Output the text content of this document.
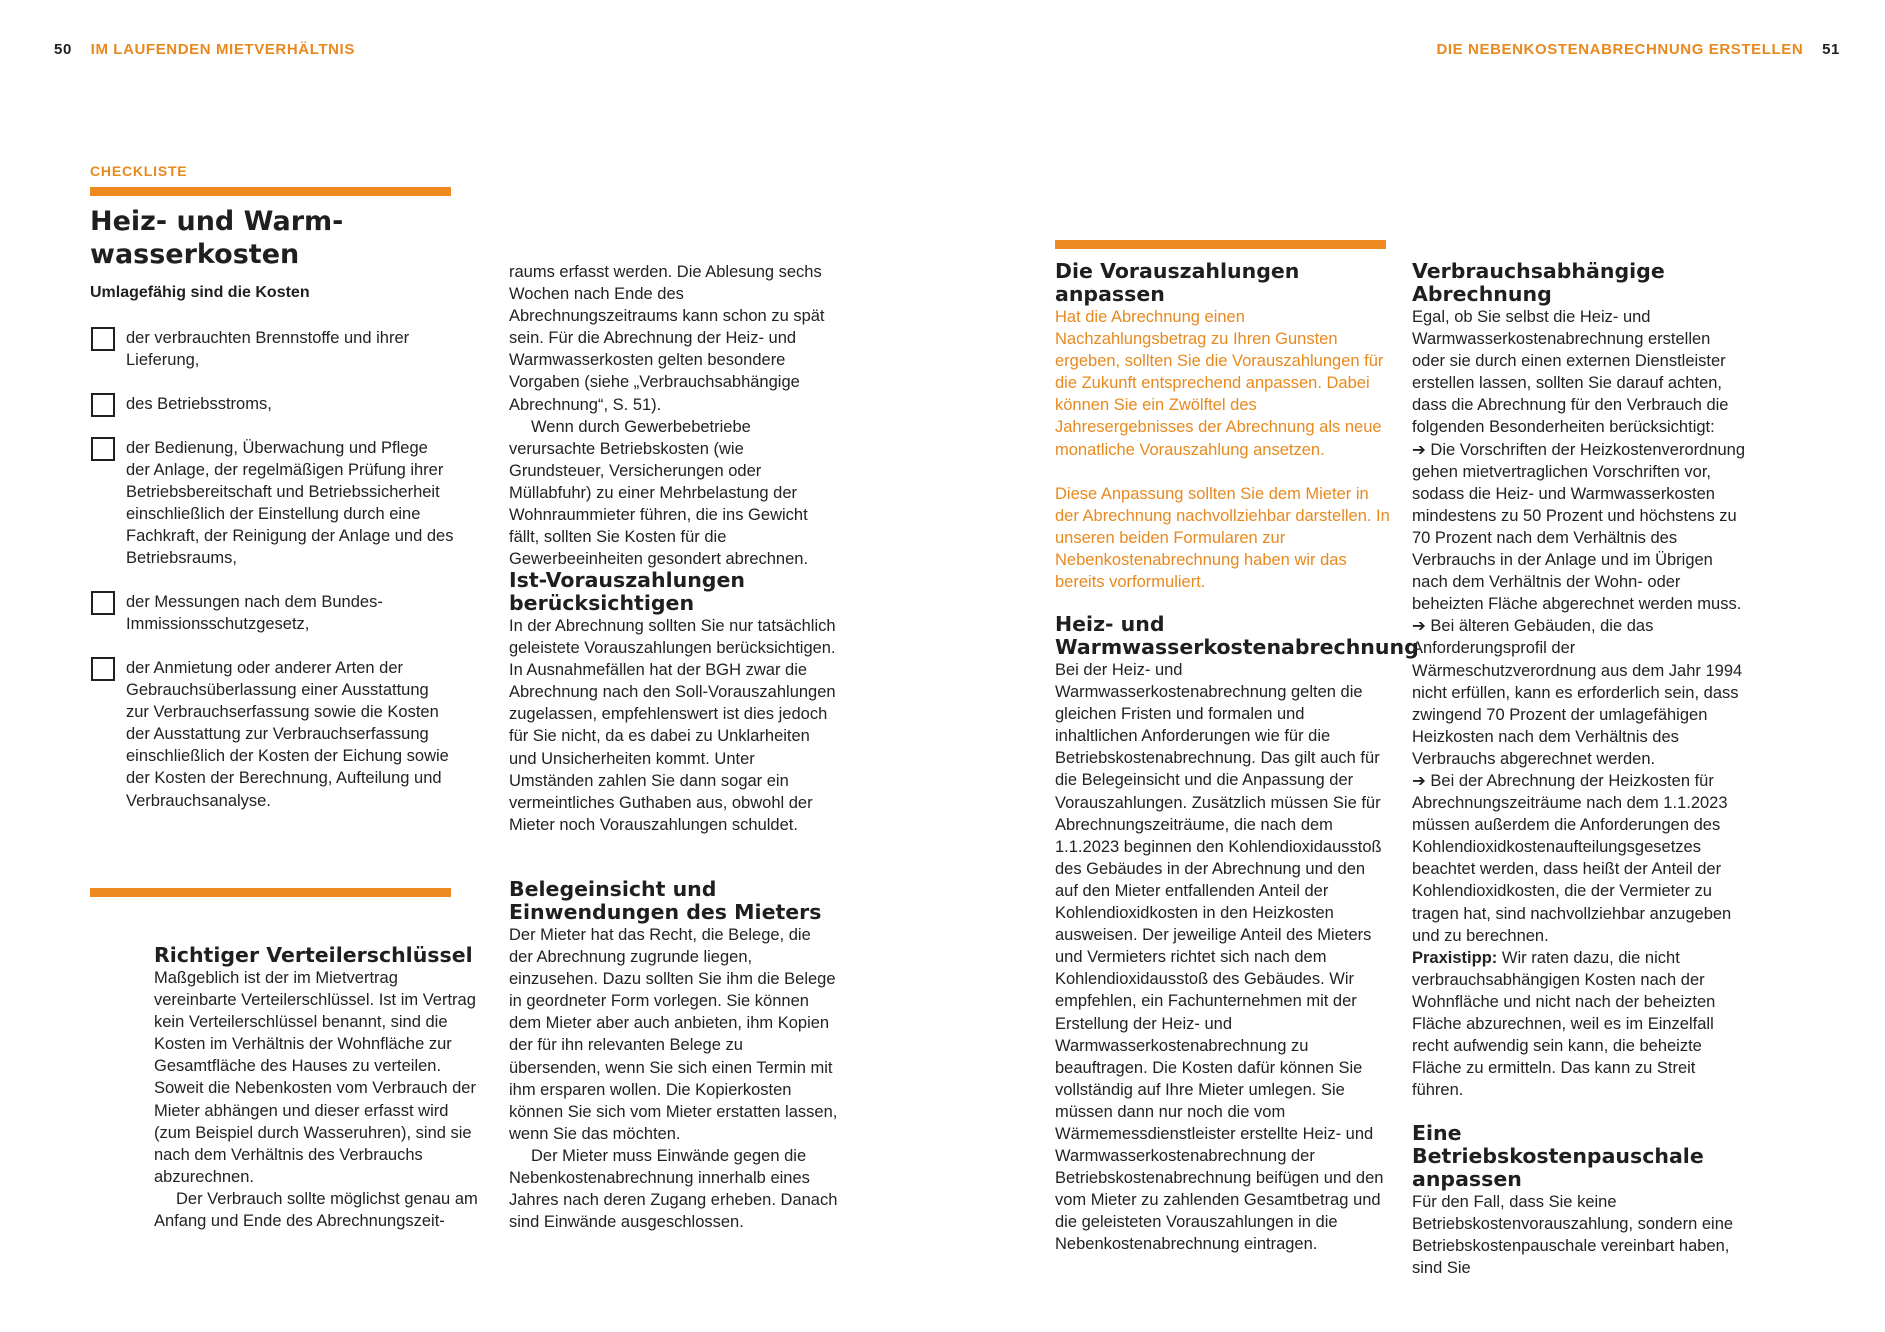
50 IM LAUFENDEN MIETVERHÄLTNIS	DIE NEBENKOSTENABRECHNUNG ERSTELLEN 51
CHECKLISTE
Heiz- und Warm- wasserkosten
Umlagefähig sind die Kosten
der verbrauchten Brennstoffe und ihrer Lieferung,
des Betriebsstroms,
der Bedienung, Überwachung und Pflege der Anlage, der regelmäßigen Prüfung ihrer Betriebsbereitschaft und Betriebssicherheit einschließlich der Einstellung durch eine Fachkraft, der Reinigung der Anlage und des Betriebsraums,
der Messungen nach dem Bundes-Immissionsschutzgesetz,
der Anmietung oder anderer Arten der Gebrauchsüberlassung einer Ausstattung zur Verbrauchserfassung sowie die Kosten der Ausstattung zur Verbrauchserfassung einschließlich der Kosten der Eichung sowie der Kosten der Berechnung, Aufteilung und Verbrauchsanalyse.
Richtiger Verteilerschlüssel

Maßgeblich ist der im Mietvertrag vereinbarte Verteilerschlüssel. Ist im Vertrag kein Verteilerschlüssel benannt, sind die Kosten im Verhältnis der Wohnfläche zur Gesamtfläche des Hauses zu verteilen. Soweit die Nebenkosten vom Verbrauch der Mieter abhängen und dieser erfasst wird (zum Beispiel durch Wasseruhren), sind sie nach dem Verhältnis des Verbrauchs abzurechnen.

Der Verbrauch sollte möglichst genau am Anfang und Ende des Abrechnungszeit-

raums erfasst werden. Die Ablesung sechs Wochen nach Ende des Abrechnungszeitraums kann schon zu spät sein. Für die Abrechnung der Heiz- und Warmwasserkosten gelten besondere Vorgaben (siehe „Verbrauchsabhängige Abrechnung“, S. 51).

Wenn durch Gewerbebetriebe verursachte Betriebskosten (wie Grundsteuer, Versicherungen oder Müllabfuhr) zu einer Mehrbelastung der Wohnraummieter führen, die ins Gewicht fällt, sollten Sie Kosten für die Gewerbeeinheiten gesondert abrechnen.

Ist-Vorauszahlungen berücksichtigen

In der Abrechnung sollten Sie nur tatsächlich geleistete Vorauszahlungen berücksichtigen. In Ausnahmefällen hat der BGH zwar die Abrechnung nach den Soll-Vorauszahlungen zugelassen, empfehlenswert ist dies jedoch für Sie nicht, da es dabei zu Unklarheiten und Unsicherheiten kommt. Unter Umständen zahlen Sie dann sogar ein vermeintliches Guthaben aus, obwohl der Mieter noch Vorauszahlungen schuldet.

Belegeinsicht und Einwendungen des Mieters

Der Mieter hat das Recht, die Belege, die der Abrechnung zugrunde liegen, einzusehen. Dazu sollten Sie ihm die Belege in geordneter Form vorlegen. Sie können dem Mieter aber auch anbieten, ihm Kopien der für ihn relevanten Belege zu übersenden, wenn Sie sich einen Termin mit ihm ersparen wollen. Die Kopierkosten können Sie sich vom Mieter erstatten lassen, wenn Sie das möchten.

Der Mieter muss Einwände gegen die Nebenkostenabrechnung innerhalb eines Jahres nach deren Zugang erheben. Danach sind Einwände ausgeschlossen.

Die Vorauszahlungen anpassen

Hat die Abrechnung einen Nachzahlungsbetrag zu Ihren Gunsten ergeben, sollten Sie die Vorauszahlungen für die Zukunft entsprechend anpassen. Dabei können Sie ein Zwölftel des Jahresergebnisses der Abrechnung als neue monatliche Vorauszahlung ansetzen.

Diese Anpassung sollten Sie dem Mieter in der Abrechnung nachvollziehbar darstellen. In unseren beiden Formularen zur Nebenkostenabrechnung haben wir das bereits vorformuliert.

Heiz- und Warmwasserkostenabrechnung

Bei der Heiz- und Warmwasserkostenabrechnung gelten die gleichen Fristen und formalen und inhaltlichen Anforderungen wie für die Betriebskostenabrechnung. Das gilt auch für die Belegeinsicht und die Anpassung der Vorauszahlungen. Zusätzlich müssen Sie für Abrechnungszeiträume, die nach dem 1.1.2023 beginnen den Kohlendioxidausstoß des Gebäudes in der Abrechnung und den auf den Mieter entfallenden Anteil der Kohlendioxidkosten in den Heizkosten ausweisen. Der jeweilige Anteil des Mieters und Vermieters richtet sich nach dem Kohlendioxidausstoß des Gebäudes. Wir empfehlen, ein Fachunternehmen mit der Erstellung der Heiz- und Warmwasserkostenabrechnung zu beauftragen. Die Kosten dafür können Sie vollständig auf Ihre Mieter umlegen. Sie müssen dann nur noch die vom Wärmemessdienstleister erstellte Heiz- und Warmwasserkostenabrechnung der Betriebskostenabrechnung beifügen und den vom Mieter zu zahlenden Gesamtbetrag und die geleisteten Vorauszahlungen in die Nebenkostenabrechnung eintragen.

Verbrauchsabhängige Abrechnung

Egal, ob Sie selbst die Heiz- und Warmwasserkostenabrechnung erstellen oder sie durch einen externen Dienstleister erstellen lassen, sollten Sie darauf achten, dass die Abrechnung für den Verbrauch die folgenden Besonderheiten berücksichtigt:

➔ Die Vorschriften der Heizkostenverordnung gehen mietvertraglichen Vorschriften vor, sodass die Heiz- und Warmwasserkosten mindestens zu 50 Prozent und höchstens zu 70 Prozent nach dem Verhältnis des Verbrauchs in der Anlage und im Übrigen nach dem Verhältnis der Wohn- oder beheizten Fläche abgerechnet werden muss.

➔ Bei älteren Gebäuden, die das Anforderungsprofil der Wärmeschutzverordnung aus dem Jahr 1994 nicht erfüllen, kann es erforderlich sein, dass zwingend 70 Prozent der umlagefähigen Heizkosten nach dem Verhältnis des Verbrauchs abgerechnet werden.

➔ Bei der Abrechnung der Heizkosten für Abrechnungszeiträume nach dem 1.1.2023 müssen außerdem die Anforderungen des Kohlendioxidkostenaufteilungsgesetzes beachtet werden, dass heißt der Anteil der Kohlendioxidkosten, die der Vermieter zu tragen hat, sind nachvollziehbar anzugeben und zu berechnen.

Praxistipp: Wir raten dazu, die nicht verbrauchsabhängigen Kosten nach der Wohnfläche und nicht nach der beheizten Fläche abzurechnen, weil es im Einzelfall recht aufwendig sein kann, die beheizte Fläche zu ermitteln. Das kann zu Streit führen.

Eine Betriebskostenpauschale anpassen

Für den Fall, dass Sie keine Betriebskostenvorauszahlung, sondern eine Betriebskostenpauschale vereinbart haben, sind Sie
